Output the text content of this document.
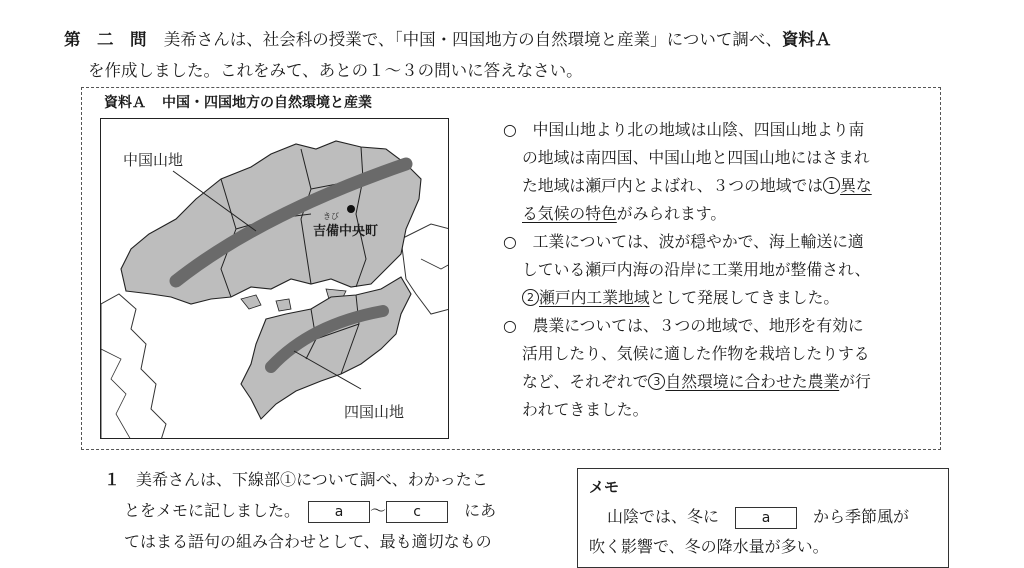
第　二　問 美希さんは、社会科の授業で、「中国・四国地方の自然環境と産業」について調べ、資料Ａ
を作成しました。これをみて、あとの１～３の問いに答えなさい。
資料Ａ 中国・四国地方の自然環境と産業
中国山地
四国山地
きび
吉備中央町
○　 中国山地より北の地域は山陰、四国山地より南
の地域は南四国、中国山地と四国山地にはさまれ
た地域は瀬戸内とよばれ、３つの地域では 1 異な
る気候の特色がみられます。
○　 工業については、波が穏やかで、海上輸送に適
している瀬戸内海の沿岸に工業用地が整備され、
2 瀬戸内工業地域として発展してきました。
○　 農業については、３つの地域で、地形を有効に
活用したり、気候に適した作物を栽培したりする
など、それぞれで 3 自然環境に合わせた農業が行
われてきました。
１　 美希さんは、下線部①について調べ、わかったこ
とをメモに記しました。　	a ～ c　	にあ
てはまる語句の組み合わせとして、最も適切なもの
メモ
山陰では、冬に　	a　	から季節風が
吹く影響で、冬の降水量が多い。
